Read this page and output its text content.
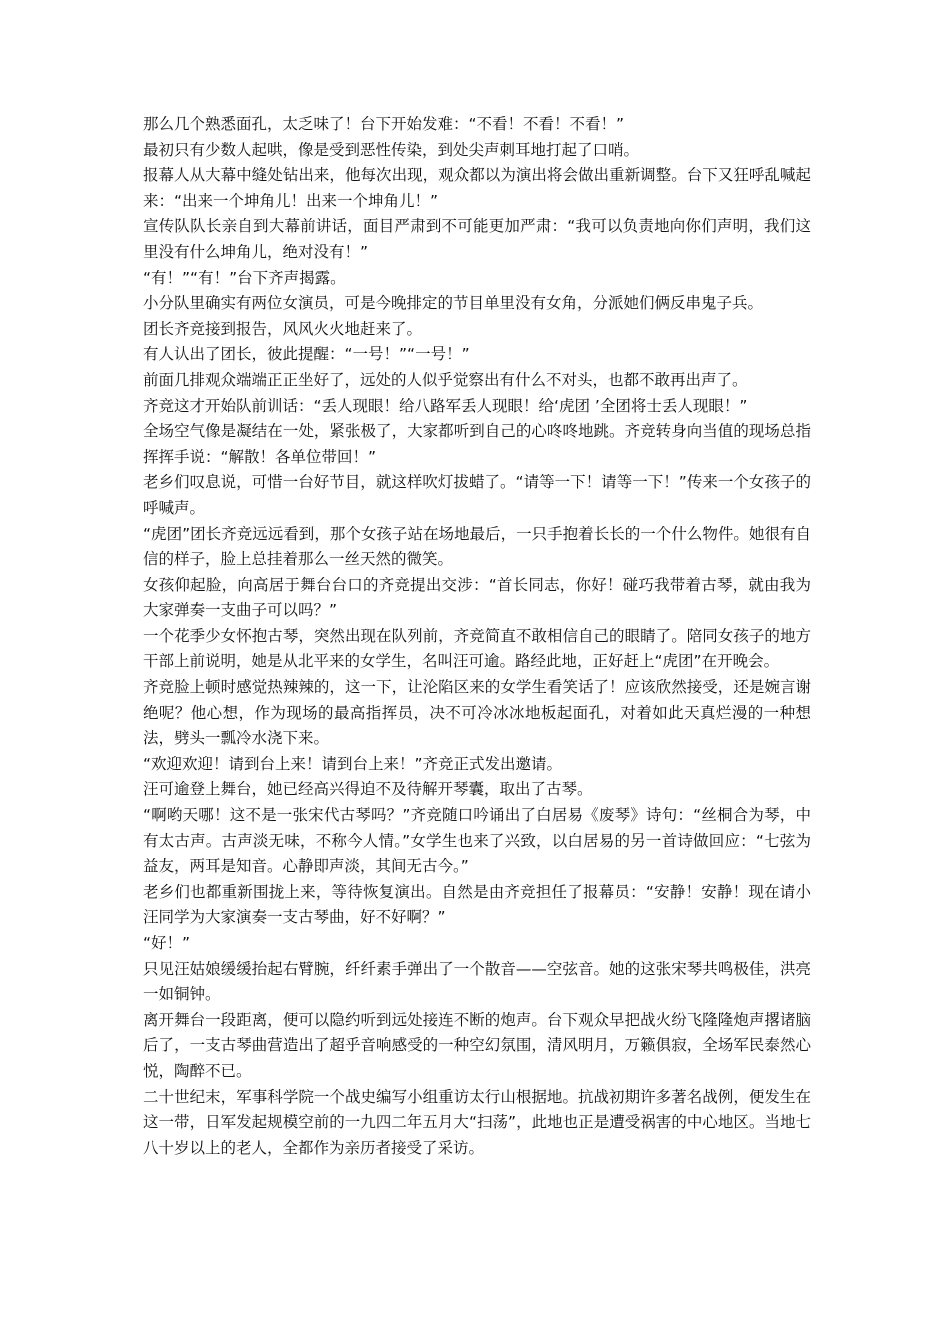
那么几个熟悉面孔，太乏味了！台下开始发难：“不看！不看！不看！”

最初只有少数人起哄，像是受到恶性传染，到处尖声刺耳地打起了口哨。

报幕人从大幕中缝处钻出来，他每次出现，观众都以为演出将会做出重新调整。台下又狂呼乱喊起来：“出来一个坤角儿！出来一个坤角儿！”

宣传队队长亲自到大幕前讲话，面目严肃到不可能更加严肃：“我可以负责地向你们声明，我们这里没有什么坤角儿，绝对没有！”

“有！”“有！”台下齐声揭露。

小分队里确实有两位女演员，可是今晚排定的节目单里没有女角，分派她们俩反串鬼子兵。

团长齐竞接到报告，风风火火地赶来了。

有人认出了团长，彼此提醒：“一号！”“一号！”

前面几排观众端端正正坐好了，远处的人似乎觉察出有什么不对头，也都不敢再出声了。

齐竞这才开始队前训话：“丢人现眼！给八路军丢人现眼！给‘虎团 ’全团将士丢人现眼！”

全场空气像是凝结在一处，紧张极了，大家都听到自己的心咚咚地跳。齐竞转身向当值的现场总指挥挥手说：“解散！各单位带回！”

老乡们叹息说，可惜一台好节目，就这样吹灯拔蜡了。“请等一下！请等一下！”传来一个女孩子的呼喊声。

“虎团”团长齐竞远远看到，那个女孩子站在场地最后，一只手抱着长长的一个什么物件。她很有自信的样子，脸上总挂着那么一丝天然的微笑。

女孩仰起脸，向高居于舞台台口的齐竞提出交涉：“首长同志，你好！碰巧我带着古琴，就由我为大家弹奏一支曲子可以吗？”

一个花季少女怀抱古琴，突然出现在队列前，齐竞简直不敢相信自己的眼睛了。陪同女孩子的地方干部上前说明，她是从北平来的女学生，名叫汪可逾。路经此地，正好赶上“虎团”在开晚会。

齐竞脸上顿时感觉热辣辣的，这一下，让沦陷区来的女学生看笑话了！应该欣然接受，还是婉言谢绝呢？他心想，作为现场的最高指挥员，决不可冷冰冰地板起面孔，对着如此天真烂漫的一种想法，劈头一瓢冷水浇下来。

“欢迎欢迎！请到台上来！请到台上来！”齐竞正式发出邀请。

汪可逾登上舞台，她已经高兴得迫不及待解开琴囊，取出了古琴。

“啊哟天哪！这不是一张宋代古琴吗？”齐竞随口吟诵出了白居易《废琴》诗句：“丝桐合为琴，中有太古声。古声淡无味，不称今人情。”女学生也来了兴致，以白居易的另一首诗做回应：“七弦为益友，两耳是知音。心静即声淡，其间无古今。”

老乡们也都重新围拢上来，等待恢复演出。自然是由齐竞担任了报幕员：“安静！安静！现在请小汪同学为大家演奏一支古琴曲，好不好啊？”

“好！”

只见汪姑娘缓缓抬起右臂腕，纤纤素手弹出了一个散音——空弦音。她的这张宋琴共鸣极佳，洪亮一如铜钟。

离开舞台一段距离，便可以隐约听到远处接连不断的炮声。台下观众早把战火纷飞隆隆炮声撂诸脑后了，一支古琴曲营造出了超乎音响感受的一种空幻氛围，清风明月，万籁俱寂，全场军民泰然心悦，陶醉不已。

二十世纪末，军事科学院一个战史编写小组重访太行山根据地。抗战初期许多著名战例，便发生在这一带，日军发起规模空前的一九四二年五月大“扫荡”，此地也正是遭受祸害的中心地区。当地七八十岁以上的老人，全都作为亲历者接受了采访。
